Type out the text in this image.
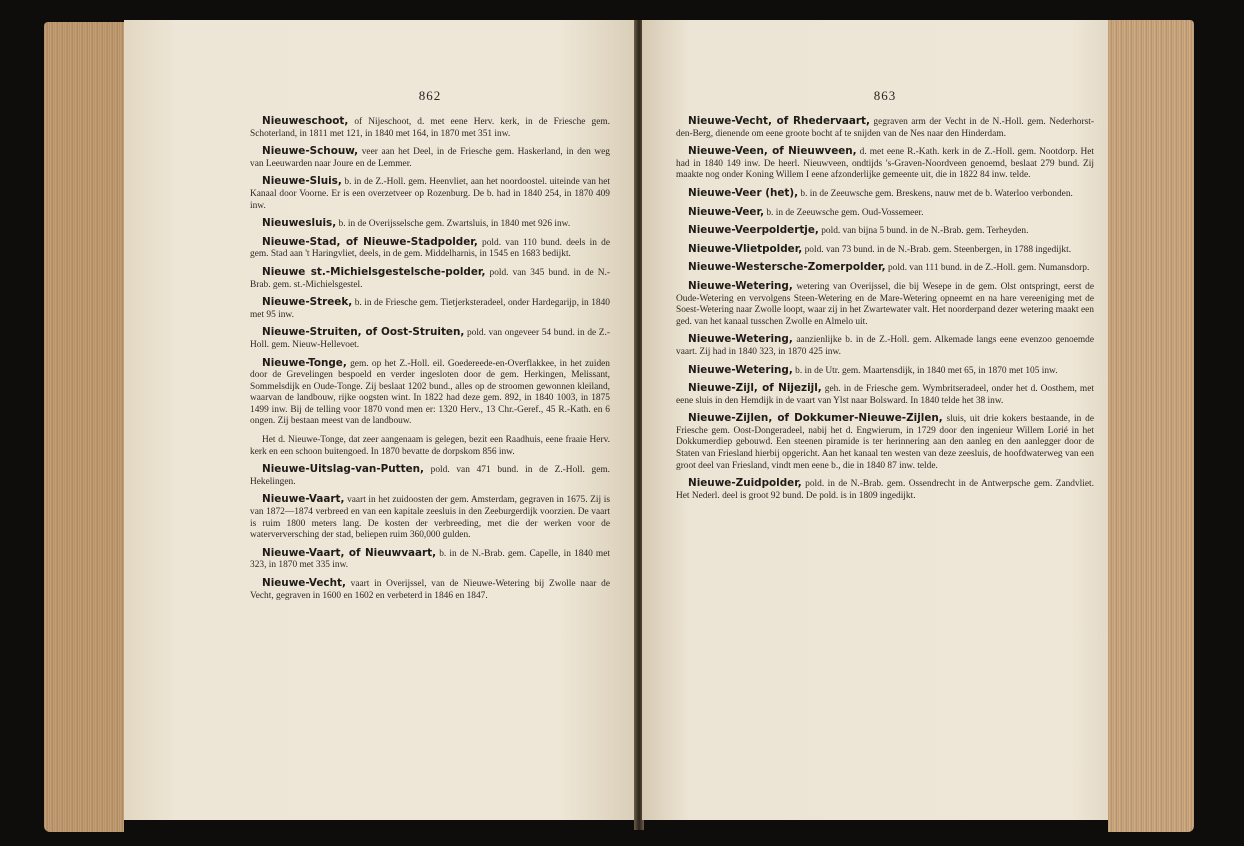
862

Nieuweschoot, of Nijeschoot, d. met eene Herv. kerk, in de Friesche gem. Schoterland, in 1811 met 121, in 1840 met 164, in 1870 met 351 inw.

Nieuwe-Schouw, veer aan het Deel, in de Friesche gem. Haskerland, in den weg van Leeuwarden naar Joure en de Lemmer.

Nieuwe-Sluis, b. in de Z.-Holl. gem. Heenvliet, aan het noordoostel. uiteinde van het Kanaal door Voorne. Er is een overzetveer op Rozenburg. De b. had in 1840 254, in 1870 409 inw.

Nieuwesluis, b. in de Overijsselsche gem. Zwartsluis, in 1840 met 926 inw.

Nieuwe-Stad, of Nieuwe-Stadpolder, pold. van 110 bund. deels in de gem. Stad aan 't Haringvliet, deels, in de gem. Middelharnis, in 1545 en 1683 bedijkt.

Nieuwe st.-Michielsgestelsche-polder, pold. van 345 bund. in de N.-Brab. gem. st.-Michielsgestel.

Nieuwe-Streek, b. in de Friesche gem. Tietjerksteradeel, onder Hardegarijp, in 1840 met 95 inw.

Nieuwe-Struiten, of Oost-Struiten, pold. van ongeveer 54 bund. in de Z.-Holl. gem. Nieuw-Hellevoet.

Nieuwe-Tonge, gem. op het Z.-Holl. eil. Goedereede-en-Overflakkee, in het zuiden door de Grevelingen bespoeld en verder ingesloten door de gem. Herkingen, Melissant, Sommelsdijk en Oude-Tonge. Zij beslaat 1202 bund., alles op de stroomen gewonnen kleiland, waarvan de landbouw, rijke oogsten wint. In 1822 had deze gem. 892, in 1840 1003, in 1875 1499 inw. Bij de telling voor 1870 vond men er: 1320 Herv., 13 Chr.-Geref., 45 R.-Kath. en 6 ongen. Zij bestaan meest van de landbouw.

Het d. Nieuwe-Tonge, dat zeer aangenaam is gelegen, bezit een Raadhuis, eene fraaie Herv. kerk en een schoon buitengoed. In 1870 bevatte de dorpskom 856 inw.

Nieuwe-Uitslag-van-Putten, pold. van 471 bund. in de Z.-Holl. gem. Hekelingen.

Nieuwe-Vaart, vaart in het zuidoosten der gem. Amsterdam, gegraven in 1675. Zij is van 1872—1874 verbreed en van een kapitale zeesluis in den Zeeburgerdijk voorzien. De vaart is ruim 1800 meters lang. De kosten der verbreeding, met die der werken voor de waterverversching der stad, beliepen ruim 360,000 gulden.

Nieuwe-Vaart, of Nieuwvaart, b. in de N.-Brab. gem. Capelle, in 1840 met 323, in 1870 met 335 inw.

Nieuwe-Vecht, vaart in Overijssel, van de Nieuwe-Wetering bij Zwolle naar de Vecht, gegraven in 1600 en 1602 en verbeterd in 1846 en 1847.

863

Nieuwe-Vecht, of Rhedervaart, gegraven arm der Vecht in de N.-Holl. gem. Nederhorst-den-Berg, dienende om eene groote bocht af te snijden van de Nes naar den Hinderdam.

Nieuwe-Veen, of Nieuwveen, d. met eene R.-Kath. kerk in de Z.-Holl. gem. Nootdorp. Het had in 1840 149 inw. De heerl. Nieuwveen, ondtijds 's-Graven-Noordveen genoemd, beslaat 279 bund. Zij maakte nog onder Koning Willem I eene afzonderlijke gemeente uit, die in 1822 84 inw. telde.

Nieuwe-Veer (het), b. in de Zeeuwsche gem. Breskens, nauw met de b. Waterloo verbonden.

Nieuwe-Veer, b. in de Zeeuwsche gem. Oud-Vossemeer.

Nieuwe-Veerpoldertje, pold. van bijna 5 bund. in de N.-Brab. gem. Terheyden.

Nieuwe-Vlietpolder, pold. van 73 bund. in de N.-Brab. gem. Steenbergen, in 1788 ingedijkt.

Nieuwe-Westersche-Zomerpolder, pold. van 111 bund. in de Z.-Holl. gem. Numansdorp.

Nieuwe-Wetering, wetering van Overijssel, die bij Wesepe in de gem. Olst ontspringt, eerst de Oude-Wetering en vervolgens Steen-Wetering en de Mare-Wetering opneemt en na hare vereeniging met de Soest-Wetering naar Zwolle loopt, waar zij in het Zwartewater valt. Het noorderpand dezer wetering maakt een ged. van het kanaal tusschen Zwolle en Almelo uit.

Nieuwe-Wetering, aanzienlijke b. in de Z.-Holl. gem. Alkemade langs eene evenzoo genoemde vaart. Zij had in 1840 323, in 1870 425 inw.

Nieuwe-Wetering, b. in de Utr. gem. Maartensdijk, in 1840 met 65, in 1870 met 105 inw.

Nieuwe-Zijl, of Nijezijl, geh. in de Friesche gem. Wymbritseradeel, onder het d. Oosthem, met eene sluis in den Hemdijk in de vaart van Ylst naar Bolsward. In 1840 telde het 38 inw.

Nieuwe-Zijlen, of Dokkumer-Nieuwe-Zijlen, sluis, uit drie kokers bestaande, in de Friesche gem. Oost-Dongeradeel, nabij het d. Engwierum, in 1729 door den ingenieur Willem Lorié in het Dokkumerdiep gebouwd. Een steenen piramide is ter herinnering aan den aanleg en den aanlegger door de Staten van Friesland hierbij opgericht. Aan het kanaal ten westen van deze zeesluis, de hoofdwaterweg van een groot deel van Friesland, vindt men eene b., die in 1840 87 inw. telde.

Nieuwe-Zuidpolder, pold. in de N.-Brab. gem. Ossendrecht in de Antwerpsche gem. Zandvliet. Het Nederl. deel is groot 92 bund. De pold. is in 1809 ingedijkt.
